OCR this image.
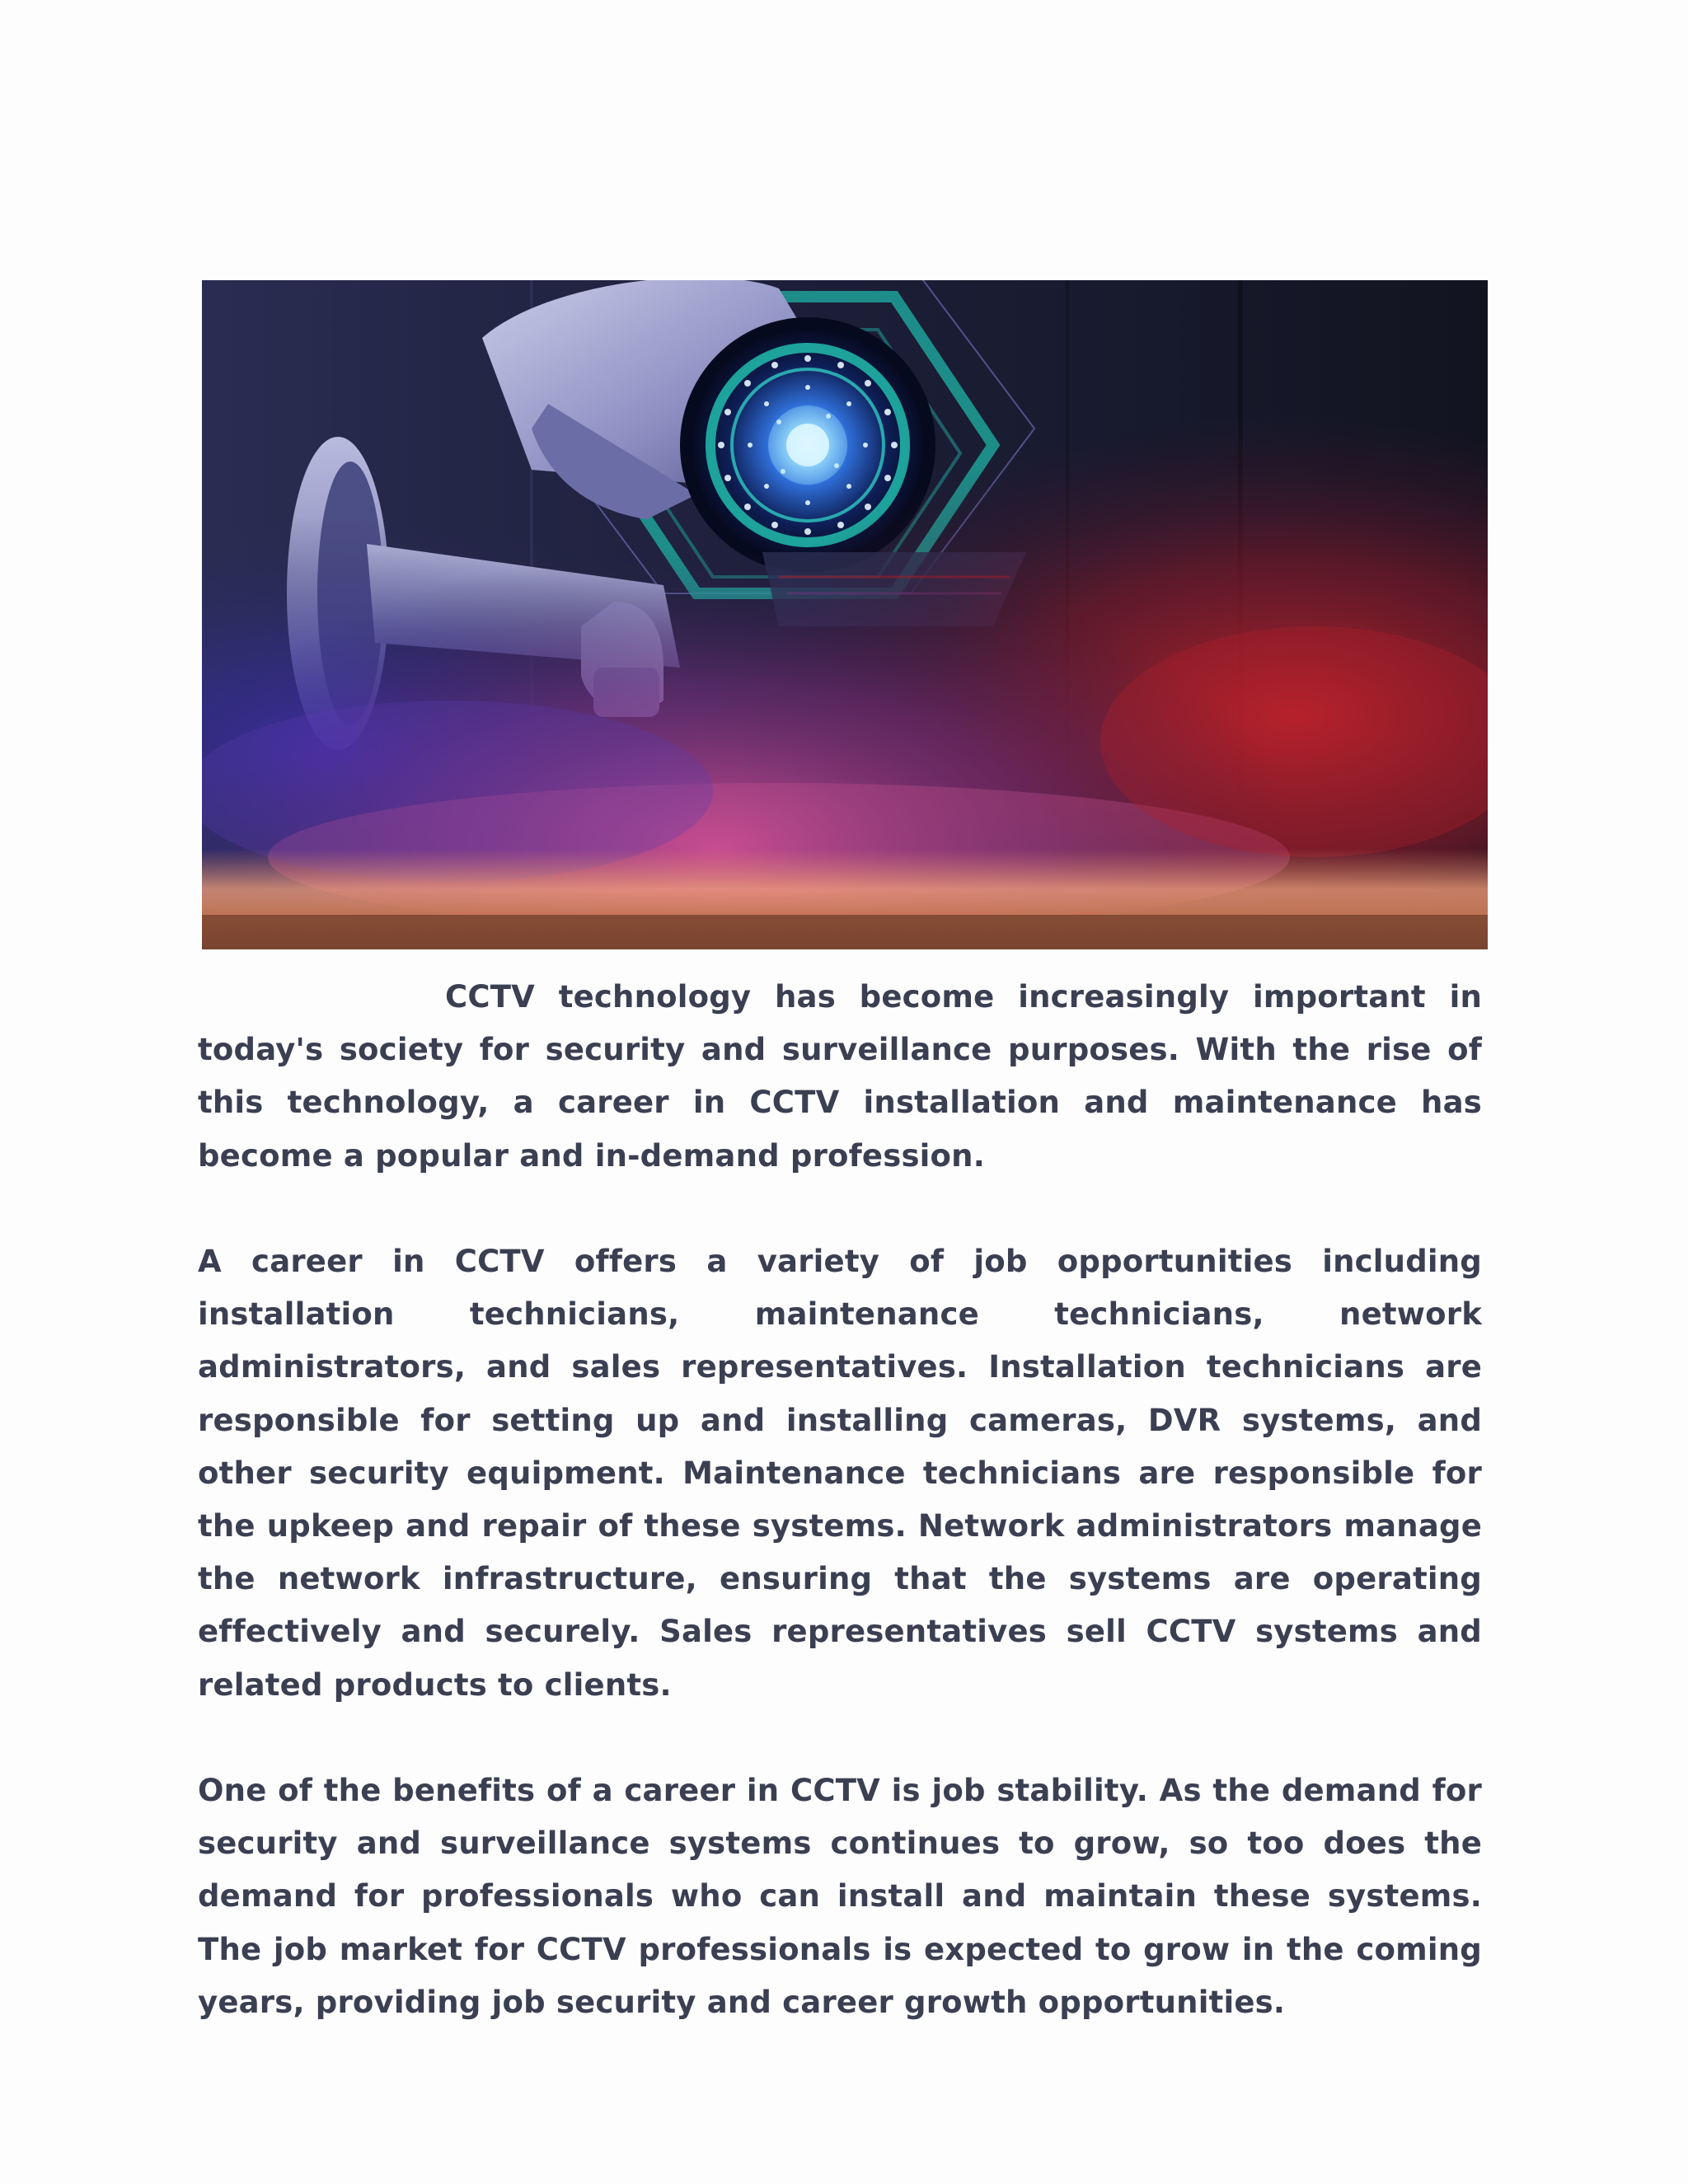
CCTV technology has become increasingly important in today's society for security and surveillance purposes. With the rise of this technology, a career in CCTV installation and maintenance has become a popular and in-demand profession.

A career in CCTV offers a variety of job opportunities including installation technicians, maintenance technicians, network administrators, and sales representatives. Installation technicians are responsible for setting up and installing cameras, DVR systems, and other security equipment. Maintenance technicians are responsible for the upkeep and repair of these systems. Network administrators manage the network infrastructure, ensuring that the systems are operating effectively and securely. Sales representatives sell CCTV systems and related products to clients.

One of the benefits of a career in CCTV is job stability. As the demand for security and surveillance systems continues to grow, so too does the demand for professionals who can install and maintain these systems. The job market for CCTV professionals is expected to grow in the coming years, providing job security and career growth opportunities.
